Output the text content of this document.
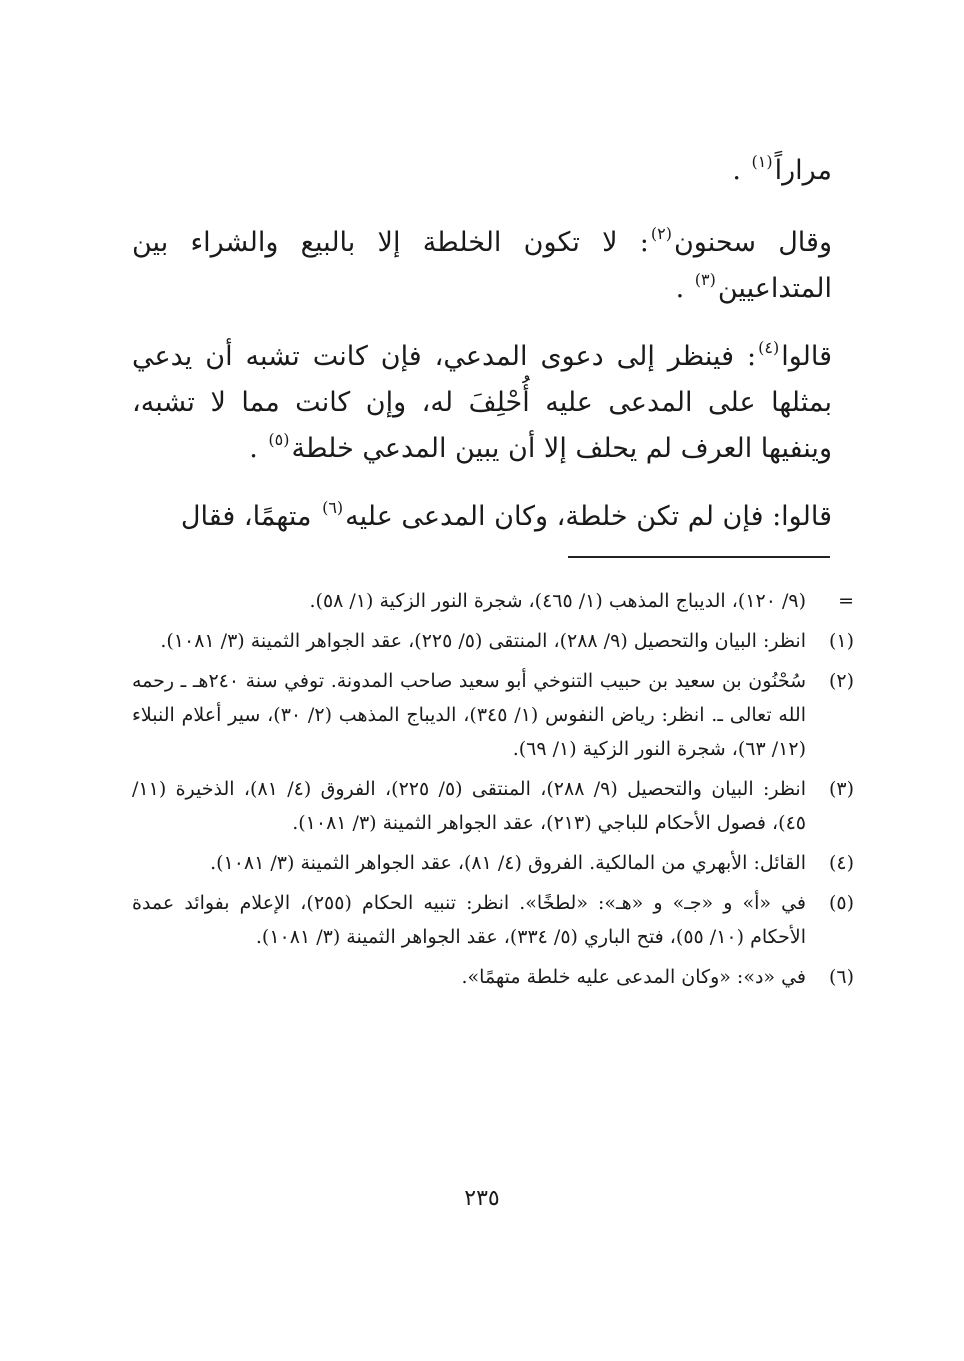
مراراً$^{(١)}$ .

وقال سحنون$^{(٢)}$: لا تكون الخلطة إلا بالبيع والشراء بين المتداعيين$^{(٣)}$ .

قالوا$^{(٤)}$: فينظر إلى دعوى المدعي، فإن كانت تشبه أن يدعي بمثلها على المدعى عليه أُحْلِفَ له، وإن كانت مما لا تشبه، وينفيها العرف لم يحلف إلا أن يبين المدعي خلطة$^{(٥)}$ .

قالوا: فإن لم تكن خلطة، وكان المدعى عليه$^{(٦)}$ متهمًا، فقال

=
(٩/ ١٢٠)، الديباج المذهب (١/ ٤٦٥)، شجرة النور الزكية (١/ ٥٨).
(١)
انظر: البيان والتحصيل (٩/ ٢٨٨)، المنتقى (٥/ ٢٢٥)، عقد الجواهر الثمينة (٣/ ١٠٨١).
(٢)
سُحْنُون بن سعيد بن حبيب التنوخي أبو سعيد صاحب المدونة. توفي سنة ٢٤٠هـ ـ رحمه الله تعالى ـ. انظر: رياض النفوس (١/ ٣٤٥)، الديباج المذهب (٢/ ٣٠)، سير أعلام النبلاء (١٢/ ٦٣)، شجرة النور الزكية (١/ ٦٩).
(٣)
انظر: البيان والتحصيل (٩/ ٢٨٨)، المنتقى (٥/ ٢٢٥)، الفروق (٤/ ٨١)، الذخيرة (١١/ ٤٥)، فصول الأحكام للباجي (٢١٣)، عقد الجواهر الثمينة (٣/ ١٠٨١).
(٤)
القائل: الأبهري من المالكية. الفروق (٤/ ٨١)، عقد الجواهر الثمينة (٣/ ١٠٨١).
(٥)
في «أ» و «جـ» و «هـ»: «لطخًا». انظر: تنبيه الحكام (٢٥٥)، الإعلام بفوائد عمدة الأحكام (١٠/ ٥٥)، فتح الباري (٥/ ٣٣٤)، عقد الجواهر الثمينة (٣/ ١٠٨١).
(٦)
في «د»: «وكان المدعى عليه خلطة متهمًا».
٢٣٥
